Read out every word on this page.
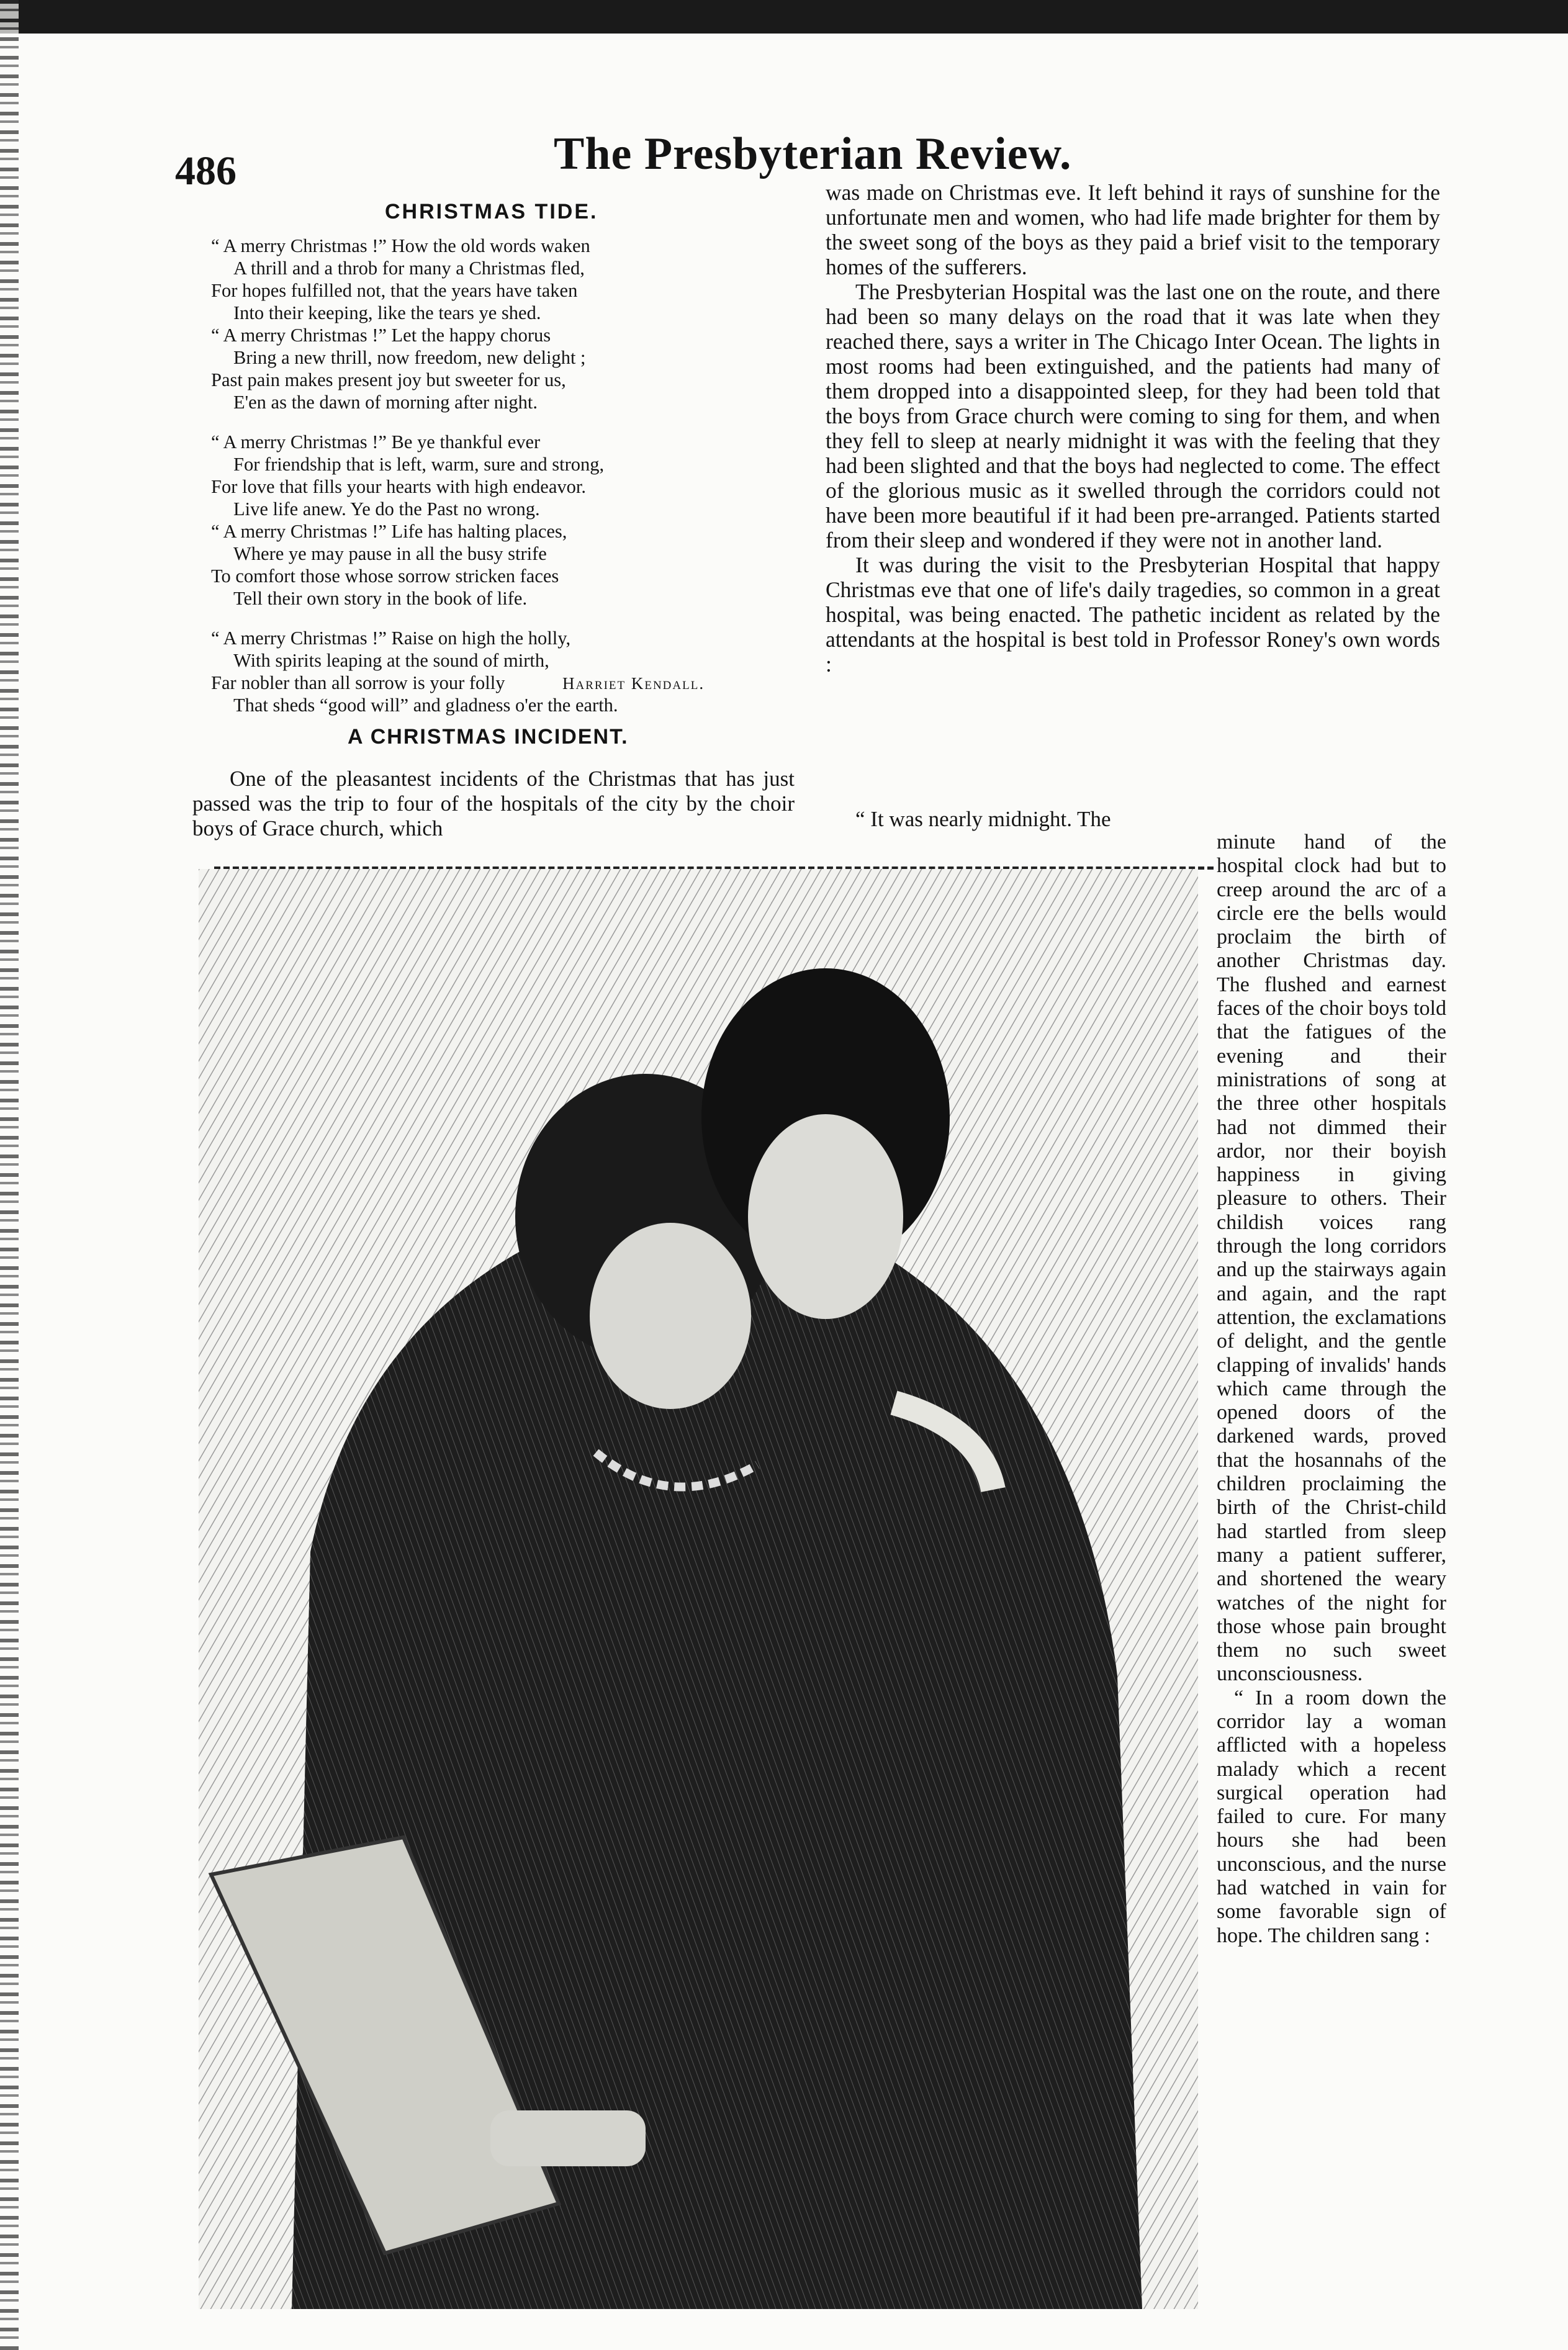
486	The Presbyterian Review.
CHRISTMAS TIDE.
“ A merry Christmas !” How the old words waken
A thrill and a throb for many a Christmas fled,
For hopes fulfilled not, that the years have taken
Into their keeping, like the tears ye shed.
“ A merry Christmas !” Let the happy chorus
Bring a new thrill, now freedom, new delight ;
Past pain makes present joy but sweeter for us,
E'en as the dawn of morning after night.
“ A merry Christmas !” Be ye thankful ever
For friendship that is left, warm, sure and strong,
For love that fills your hearts with high endeavor.
Live life anew. Ye do the Past no wrong.
“ A merry Christmas !” Life has halting places,
Where ye may pause in all the busy strife
To comfort those whose sorrow stricken faces
Tell their own story in the book of life.
“ A merry Christmas !” Raise on high the holly,
With spirits leaping at the sound of mirth,
Far nobler than all sorrow is your folly
That sheds “good will” and gladness o'er the earth.
Harriet Kendall.
A CHRISTMAS INCIDENT.
One of the pleasantest incidents of the Christmas that has just passed was the trip to four of the hospitals of the city by the choir boys of Grace church, which

was made on Christmas eve. It left behind it rays of sunshine for the unfortunate men and women, who had life made brighter for them by the sweet song of the boys as they paid a brief visit to the temporary homes of the sufferers.

The Presbyterian Hospital was the last one on the route, and there had been so many delays on the road that it was late when they reached there, says a writer in The Chicago Inter Ocean. The lights in most rooms had been extinguished, and the patients had many of them dropped into a disappointed sleep, for they had been told that the boys from Grace church were coming to sing for them, and when they fell to sleep at nearly midnight it was with the feeling that they had been slighted and that the boys had neglected to come. The effect of the glorious music as it swelled through the corridors could not have been more beautiful if it had been pre-arranged. Patients started from their sleep and wondered if they were not in another land.

It was during the visit to the Presbyterian Hospital that happy Christmas eve that one of life's daily tragedies, so common in a great hospital, was being enacted. The pathetic incident as related by the attendants at the hospital is best told in Professor Roney's own words :

“ It was nearly midnight. The

minute hand of the hospital clock had but to creep around the arc of a circle ere the bells would proclaim the birth of another Christmas day. The flushed and earnest faces of the choir boys told that the fatigues of the evening and their ministrations of song at the three other hospitals had not dimmed their ardor, nor their boyish happiness in giving pleasure to others. Their childish voices rang through the long corridors and up the stairways again and again, and the rapt attention, the exclamations of delight, and the gentle clapping of invalids' hands which came through the opened doors of the darkened wards, proved that the hosannahs of the children proclaiming the birth of the Christ-child had startled from sleep many a patient sufferer, and shortened the weary watches of the night for those whose pain brought them no such sweet unconsciousness.

“ In a room down the corridor lay a woman afflicted with a hopeless malady which a recent surgical operation had failed to cure. For many hours she had been unconscious, and the nurse had watched in vain for some favorable sign of hope. The children sang :
